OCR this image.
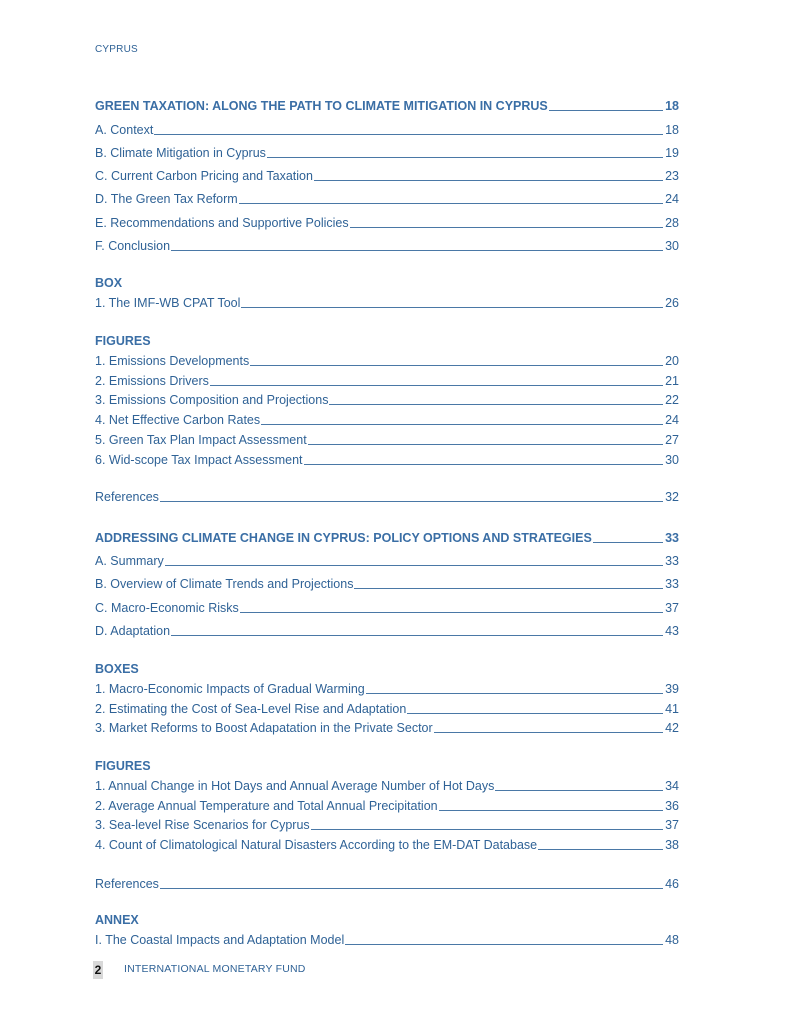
CYPRUS
GREEN TAXATION: ALONG THE PATH TO CLIMATE MITIGATION IN CYPRUS	18
A. Context	18
B. Climate Mitigation in Cyprus	19
C. Current Carbon Pricing and Taxation	23
D. The Green Tax Reform	24
E. Recommendations and Supportive Policies	28
F. Conclusion	30
BOX
1. The IMF-WB CPAT Tool	26
FIGURES
1. Emissions Developments	20
2. Emissions Drivers	21
3. Emissions Composition and Projections	22
4. Net Effective Carbon Rates	24
5. Green Tax Plan Impact Assessment	27
6. Wid-scope Tax Impact Assessment	30
References	32
ADDRESSING CLIMATE CHANGE IN CYPRUS: POLICY OPTIONS AND STRATEGIES	33
A. Summary	33
B. Overview of Climate Trends and Projections	33
C. Macro-Economic Risks	37
D. Adaptation	43
BOXES
1. Macro-Economic Impacts of Gradual Warming	39
2. Estimating the Cost of Sea-Level Rise and Adaptation	41
3. Market Reforms to Boost Adapatation in the Private Sector	42
FIGURES
1. Annual Change in Hot Days and Annual Average Number of Hot Days	34
2. Average Annual Temperature and Total Annual Precipitation	36
3. Sea-level Rise Scenarios for Cyprus	37
4. Count of Climatological Natural Disasters According to the EM-DAT Database	38
References	46
ANNEX
I. The Coastal Impacts and Adaptation Model	48
2 INTERNATIONAL MONETARY FUND
